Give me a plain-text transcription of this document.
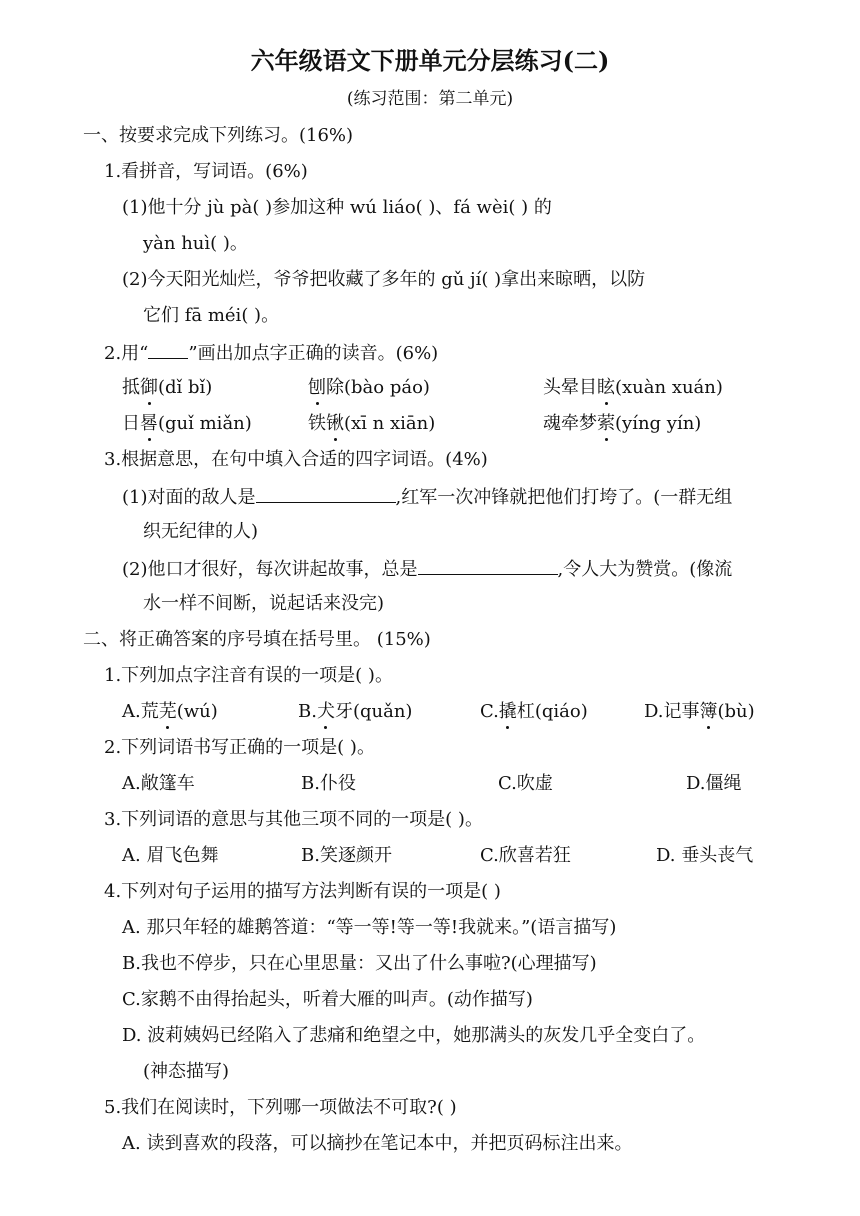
六年级语文下册单元分层练习(二)
(练习范围：第二单元)
一、按要求完成下列练习。(16%)
1.看拼音，写词语。(6%)
(1)他十分 jù pà( )参加这种 wú liáo( )、fá wèi( ) 的
yàn huì( )。
(2)今天阳光灿烂，爷爷把收藏了多年的 gǔ jí( )拿出来晾晒，以防
它们 fā méi( )。
2.用“ ”画出加点字正确的读音。(6%)
抵御(dǐ bǐ)	刨除(bào páo)	头晕目眩(xuàn xuán)
日晷(guǐ miǎn)	铁锹(xī n xiān)	魂牵梦萦(yíng yín)
3.根据意思，在句中填入合适的四字词语。(4%)
(1)对面的敌人是	,红军一次冲锋就把他们打垮了。(一群无组
织无纪律的人)
(2)他口才很好，每次讲起故事，总是	,令人大为赞赏。(像流
水一样不间断，说起话来没完)
二、将正确答案的序号填在括号里。 (15%)
1.下列加点字注音有误的一项是( )。
A.荒芜(wú)	B.犬牙(quǎn)	C.撬杠(qiáo)	D.记事簿(bù)
2.下列词语书写正确的一项是( )。
A.敞篷车	B.仆役	C.吹虚	D.僵绳
3.下列词语的意思与其他三项不同的一项是( )。
A. 眉飞色舞	B.笑逐颜开	C.欣喜若狂	D. 垂头丧气
4.下列对句子运用的描写方法判断有误的一项是( )
A. 那只年轻的雄鹅答道：“等一等!等一等!我就来。”(语言描写)
B.我也不停步，只在心里思量：又出了什么事啦?(心理描写)
C.家鹅不由得抬起头，听着大雁的叫声。(动作描写)
D. 波莉姨妈已经陷入了悲痛和绝望之中，她那满头的灰发几乎全变白了。
(神态描写)
5.我们在阅读时，下列哪一项做法不可取?( )
A. 读到喜欢的段落，可以摘抄在笔记本中，并把页码标注出来。
